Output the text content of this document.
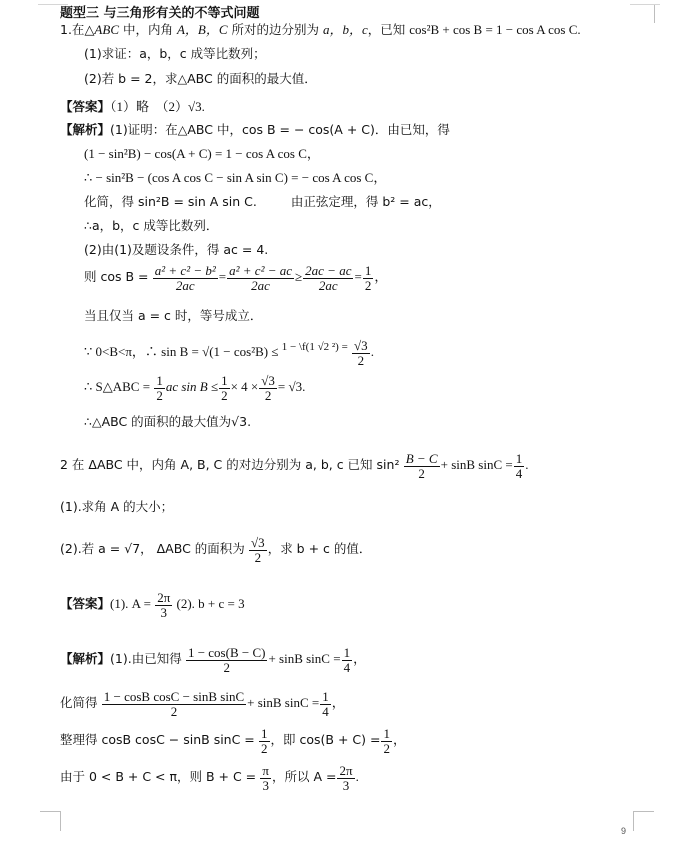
题型三 与三角形有关的不等式问题
1.在△ABC 中，内角 A，B，C 所对的边分别为 a，b，c，已知 cos²B + cos B = 1 − cos A cos C.
(1)求证：a，b，c 成等比数列；
(2)若 b = 2，求△ABC 的面积的最大值．
【答案】（1）略　（2）√3.
【解析】(1)证明：在△ABC 中，cos B = − cos(A + C)．由已知，得
(1 − sin²B) − cos(A + C) = 1 − cos A cos C，
∴ − sin²B − (cos A cos C − sin A sin C) = − cos A cos C，
化简，得 sin²B = sin A sin C.	由正弦定理，得 b² = ac，
∴a，b，c 成等比数列．
(2)由(1)及题设条件，得 ac = 4.
则 $\cos B = \frac{\text{a² + c² − b²}}{2ac} = \frac{\text{a² + c² − ac}}{2ac} \ge \frac{2ac - ac}{2ac} = \frac{1}{2}$ ，
当且仅当 a = c 时，等号成立．
∵ 0<B<π，∴ $\sin B = √(1 - \cos^2B) \le ^{1 - \backslash f(1 √2 ^2) =} \frac{√3}{2}$ .
∴ S△ABC = $\frac{1}{2}$ ac $\sin B \le \frac{1}{2} \times 4 \times \frac{√3}{2} = √3$.
∴△ABC 的面积的最大值为√3.
2 在 ΔABC 中，内角 A, B, C 的对边分别为 a, b, c 已知 $\sin^2 \frac{B - C}{2} + \sin B$ $\sin C = \frac{1}{4}$ .
(1).求角 A 的大小；
(2).若 a = √7， ΔABC 的面积为 $\frac{√3}{2}$ ，求 b + c 的值．
【答案】(1). $A = \frac{2\pi}{3} (2)$. b + c = 3
【解析】(1).由已知得 $\frac{1 - \cos(B - C)}{2} + \sin B$ $\sin C = \frac{1}{4}$ ，
化简得 $\frac{\text{1 − cosB cosC − sinB sinC}}{2} + \sin B$ $\sin C = \frac{1}{4}$ ，
整理得 cosB cosC − sinB $\sin C = \frac{1}{2}$ ，即 $\cos(B + C) = \frac{1}{2}$ ，
由于 0 < B + C < π，则 $B + C = \frac{\pi}{3}$ ，所以 $A = \frac{2\pi}{3}$ .
9
